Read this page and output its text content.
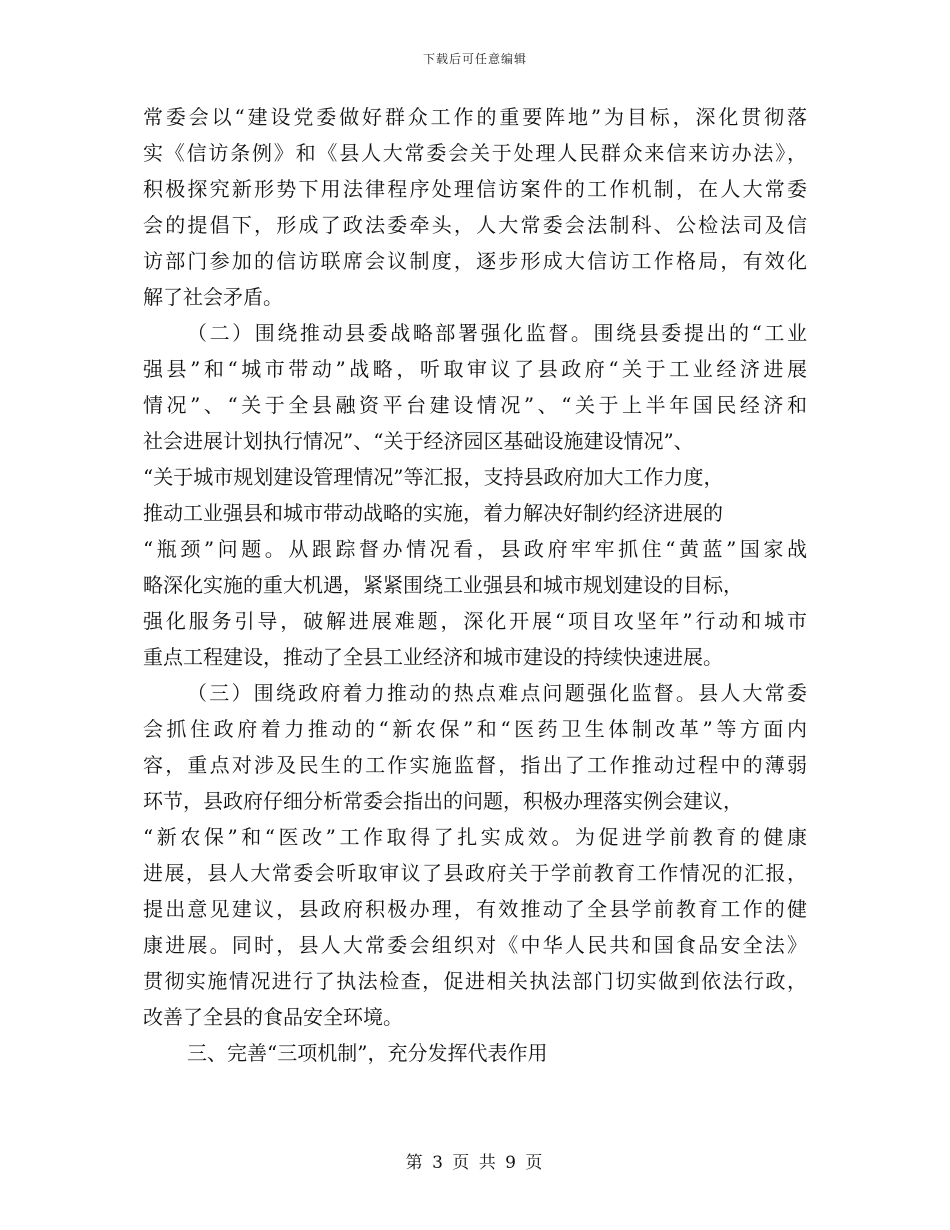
下载后可任意编辑
常委会以“建设党委做好群众工作的重要阵地”为目标，深化贯彻落
实《信访条例》和《县人大常委会关于处理人民群众来信来访办法》，
积极探究新形势下用法律程序处理信访案件的工作机制，在人大常委
会的提倡下，形成了政法委牵头，人大常委会法制科、公检法司及信
访部门参加的信访联席会议制度，逐步形成大信访工作格局，有效化
解了社会矛盾。
（二）围绕推动县委战略部署强化监督。围绕县委提出的“工业
强县”和“城市带动”战略，听取审议了县政府“关于工业经济进展
情况”、“关于全县融资平台建设情况”、“关于上半年国民经济和
社会进展计划执行情况”、“关于经济园区基础设施建设情况”、
“关于城市规划建设管理情况”等汇报，支持县政府加大工作力度，
推动工业强县和城市带动战略的实施，着力解决好制约经济进展的
“瓶颈”问题。从跟踪督办情况看，县政府牢牢抓住“黄蓝”国家战
略深化实施的重大机遇，紧紧围绕工业强县和城市规划建设的目标，
强化服务引导，破解进展难题，深化开展“项目攻坚年”行动和城市
重点工程建设，推动了全县工业经济和城市建设的持续快速进展。
（三）围绕政府着力推动的热点难点问题强化监督。县人大常委
会抓住政府着力推动的“新农保”和“医药卫生体制改革”等方面内
容，重点对涉及民生的工作实施监督，指出了工作推动过程中的薄弱
环节，县政府仔细分析常委会指出的问题，积极办理落实例会建议，
“新农保”和“医改”工作取得了扎实成效。为促进学前教育的健康
进展，县人大常委会听取审议了县政府关于学前教育工作情况的汇报，
提出意见建议，县政府积极办理，有效推动了全县学前教育工作的健
康进展。同时，县人大常委会组织对《中华人民共和国食品安全法》
贯彻实施情况进行了执法检查，促进相关执法部门切实做到依法行政，
改善了全县的食品安全环境。
三、完善“三项机制”，充分发挥代表作用
第 3 页 共 9 页
